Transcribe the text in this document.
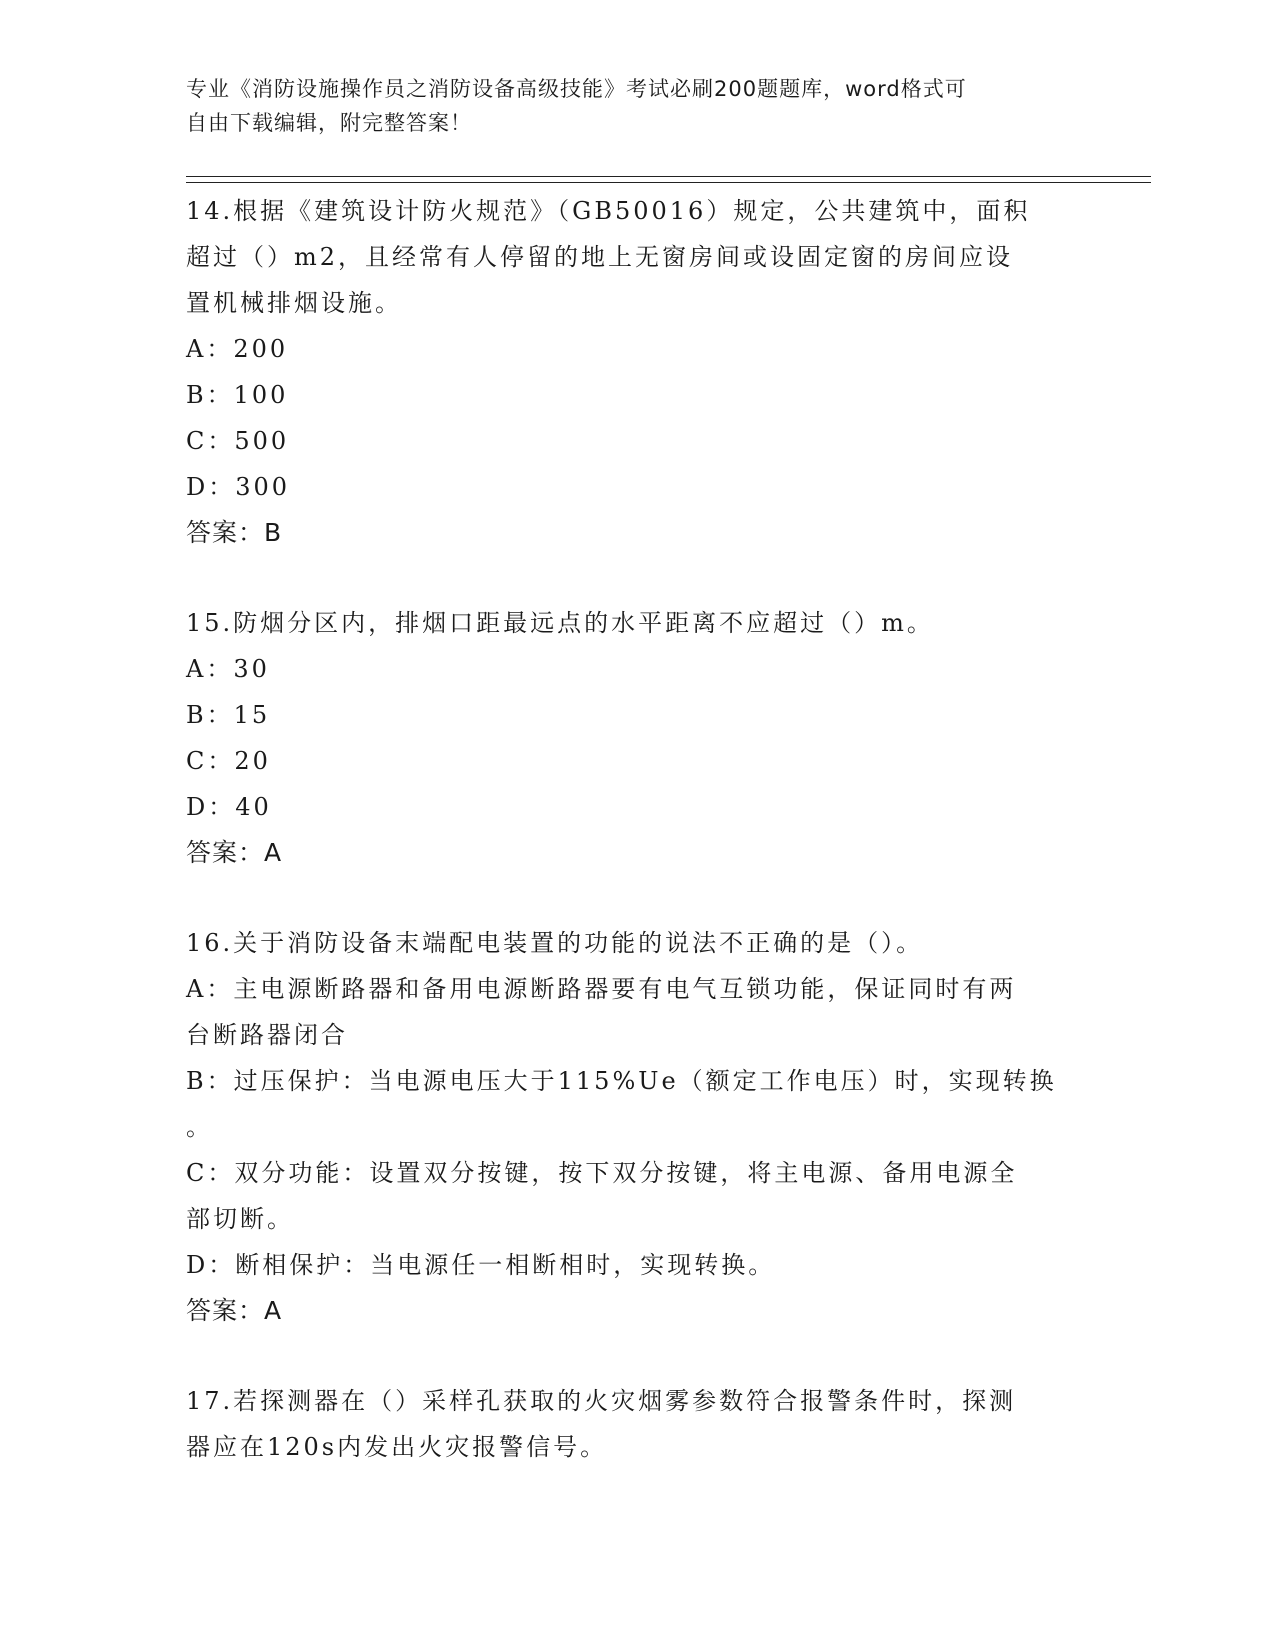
专业《消防设施操作员之消防设备高级技能》考试必刷200题题库，word格式可
自由下载编辑，附完整答案！
14.根据《建筑设计防火规范》（GB50016）规定，公共建筑中，面积
超过（）m2，且经常有人停留的地上无窗房间或设固定窗的房间应设
置机械排烟设施。
A：200
B：100
C：500
D：300
答案：B
15.防烟分区内，排烟口距最远点的水平距离不应超过（）m。
A：30
B：15
C：20
D：40
答案：A
16.关于消防设备末端配电装置的功能的说法不正确的是（）。
A：主电源断路器和备用电源断路器要有电气互锁功能，保证同时有两
台断路器闭合
B：过压保护：当电源电压大于115%Ue（额定工作电压）时，实现转换
。
C：双分功能：设置双分按键，按下双分按键，将主电源、备用电源全
部切断。
D：断相保护：当电源任一相断相时，实现转换。
答案：A
17.若探测器在（）采样孔获取的火灾烟雾参数符合报警条件时，探测
器应在120s内发出火灾报警信号。
